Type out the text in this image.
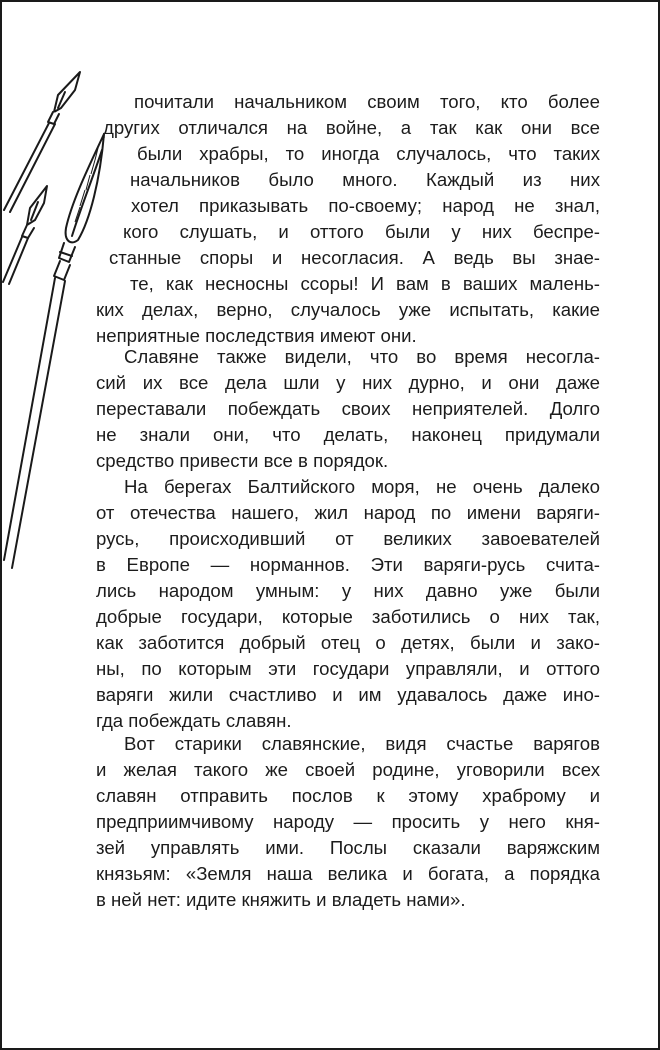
почитали начальником своим того, кто более
других отличался на войне, а так как они все
были храбры, то иногда случалось, что таких
начальников было много. Каждый из них
хотел приказывать по-своему; народ не знал,
кого слушать, и оттого были у них беспре-
станные споры и несогласия. А ведь вы знае-
те, как несносны ссоры! И вам в ваших малень-
ких делах, верно, случалось уже испытать, какие
неприятные последствия имеют они.
Славяне также видели, что во время несогла-
сий их все дела шли у них дурно, и они даже
переставали побеждать своих неприятелей. Долго
не знали они, что делать, наконец придумали
средство привести все в порядок.
На берегах Балтийского моря, не очень далеко
от отечества нашего, жил народ по имени варяги-
русь, происходивший от великих завоевателей
в Европе — норманнов. Эти варяги-русь счита-
лись народом умным: у них давно уже были
добрые государи, которые заботились о них так,
как заботится добрый отец о детях, были и зако-
ны, по которым эти государи управляли, и оттого
варяги жили счастливо и им удавалось даже ино-
гда побеждать славян.
Вот старики славянские, видя счастье варягов
и желая такого же своей родине, уговорили всех
славян отправить послов к этому храброму и
предприимчивому народу — просить у него кня-
зей управлять ими. Послы сказали варяжским
князьям: «Земля наша велика и богата, а порядка
в ней нет: идите княжить и владеть нами».
